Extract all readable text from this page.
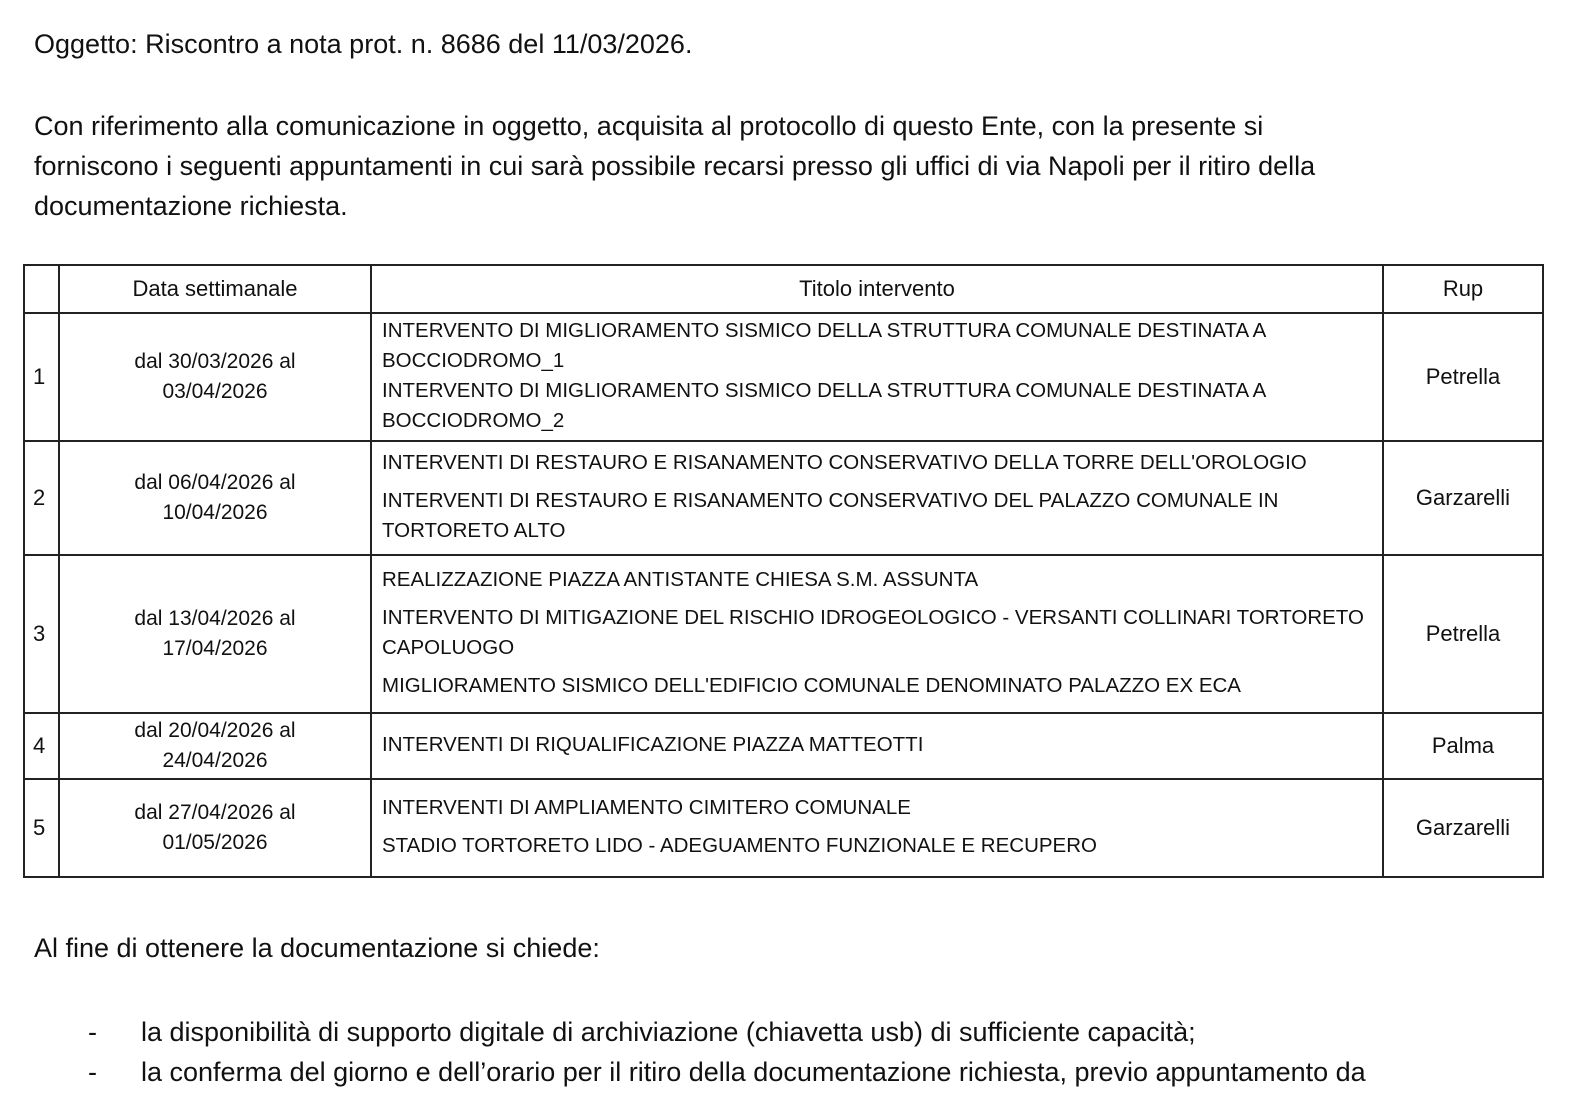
Oggetto: Riscontro a nota prot. n. 8686 del 11/03/2026.
Con riferimento alla comunicazione in oggetto, acquisita al protocollo di questo Ente, con la presente si
forniscono i seguenti appuntamenti in cui sarà possibile recarsi presso gli uffici di via Napoli per il ritiro della
documentazione richiesta.
	Data settimanale	Titolo intervento	Rup
1	dal 30/03/2026 al
03/04/2026	INTERVENTO DI MIGLIORAMENTO SISMICO DELLA STRUTTURA COMUNALE DESTINATA A BOCCIODROMO_1
INTERVENTO DI MIGLIORAMENTO SISMICO DELLA STRUTTURA COMUNALE DESTINATA A BOCCIODROMO_2	Petrella
2	dal 06/04/2026 al
10/04/2026	INTERVENTI DI RESTAURO E RISANAMENTO CONSERVATIVO DELLA TORRE DELL'OROLOGIO
INTERVENTI DI RESTAURO E RISANAMENTO CONSERVATIVO DEL PALAZZO COMUNALE IN TORTORETO ALTO	Garzarelli
3	dal 13/04/2026 al
17/04/2026	REALIZZAZIONE PIAZZA ANTISTANTE CHIESA S.M. ASSUNTA
INTERVENTO DI MITIGAZIONE DEL RISCHIO IDROGEOLOGICO - VERSANTI COLLINARI TORTORETO CAPOLUOGO
MIGLIORAMENTO SISMICO DELL'EDIFICIO COMUNALE DENOMINATO PALAZZO EX ECA	Petrella
4	dal 20/04/2026 al
24/04/2026	INTERVENTI DI RIQUALIFICAZIONE PIAZZA MATTEOTTI	Palma
5	dal 27/04/2026 al
01/05/2026	INTERVENTI DI AMPLIAMENTO CIMITERO COMUNALE
STADIO TORTORETO LIDO - ADEGUAMENTO FUNZIONALE E RECUPERO	Garzarelli
Al fine di ottenere la documentazione si chiede:
- la disponibilità di supporto digitale di archiviazione (chiavetta usb) di sufficiente capacità;
- la conferma del giorno e dell’orario per il ritiro della documentazione richiesta, previo appuntamento da
